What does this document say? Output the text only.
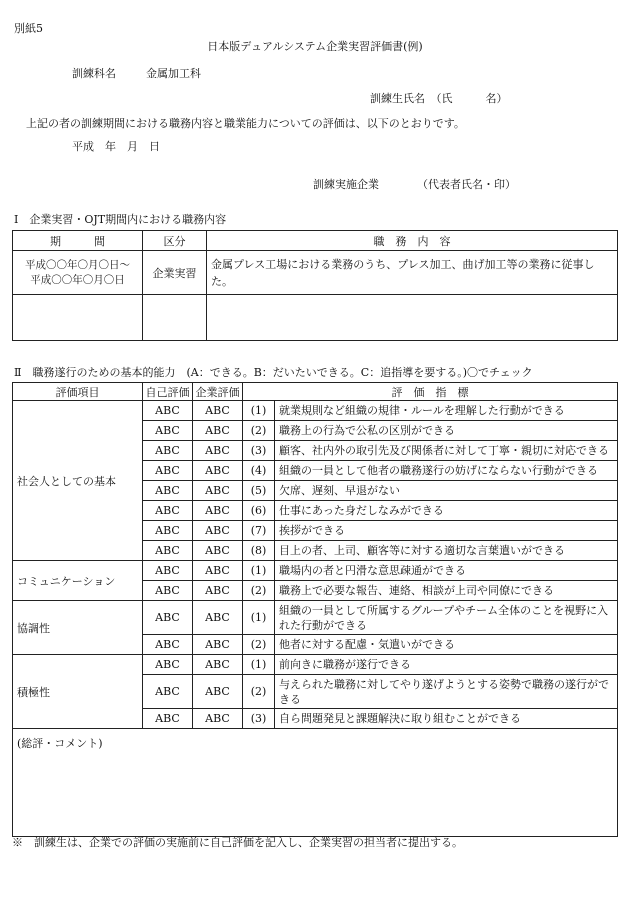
別紙5
日本版デュアルシステム企業実習評価書(例)
訓練科名	金属加工科
訓練生氏名　（氏　　　名）
上記の者の訓練期間における職務内容と職業能力についての評価は、以下のとおりです。
平成　年　月　日
訓練実施企業	（代表者氏名・印）
Ⅰ　企業実習・OJT期間内における職務内容
期　　　間	区分	職　務　内　容

平成〇〇年〇月〇日～
平成〇〇年〇月〇日	企業実習	金属プレス工場における業務のうち、プレス加工、曲げ加工等の業務に従事した。

Ⅱ　職務遂行のための基本的能力　(A：できる。B：だいたいできる。C：追指導を要する。)〇でチェック
評価項目	自己評価	企業評価	評　価　指　標	
社会人としての基本	ABC	ABC	(1)	就業規則など組織の規律・ルールを理解した行動ができる
	ABC	ABC	(2)	職務上の行為で公私の区別ができる
	ABC	ABC	(3)	顧客、社内外の取引先及び関係者に対して丁寧・親切に対応できる
	ABC	ABC	(4)	組織の一員として他者の職務遂行の妨げにならない行動ができる
	ABC	ABC	(5)	欠席、遅刻、早退がない
	ABC	ABC	(6)	仕事にあった身だしなみができる
	ABC	ABC	(7)	挨拶ができる
	ABC	ABC	(8)	目上の者、上司、顧客等に対する適切な言葉遣いができる
コミュニケーション	ABC	ABC	(1)	職場内の者と円滑な意思疎通ができる
	ABC	ABC	(2)	職務上で必要な報告、連絡、相談が上司や同僚にできる
協調性	ABC	ABC	(1)	組織の一員として所属するグループやチーム全体のことを視野に入れた行動ができる
	ABC	ABC	(2)	他者に対する配慮・気遣いができる
積極性	ABC	ABC	(1)	前向きに職務が遂行できる
	ABC	ABC	(2)	与えられた職務に対してやり遂げようとする姿勢で職務の遂行ができる
	ABC	ABC	(3)	自ら問題発見と課題解決に取り組むことができる
(総評・コメント)				
※　訓練生は、企業での評価の実施前に自己評価を記入し、企業実習の担当者に提出する。
